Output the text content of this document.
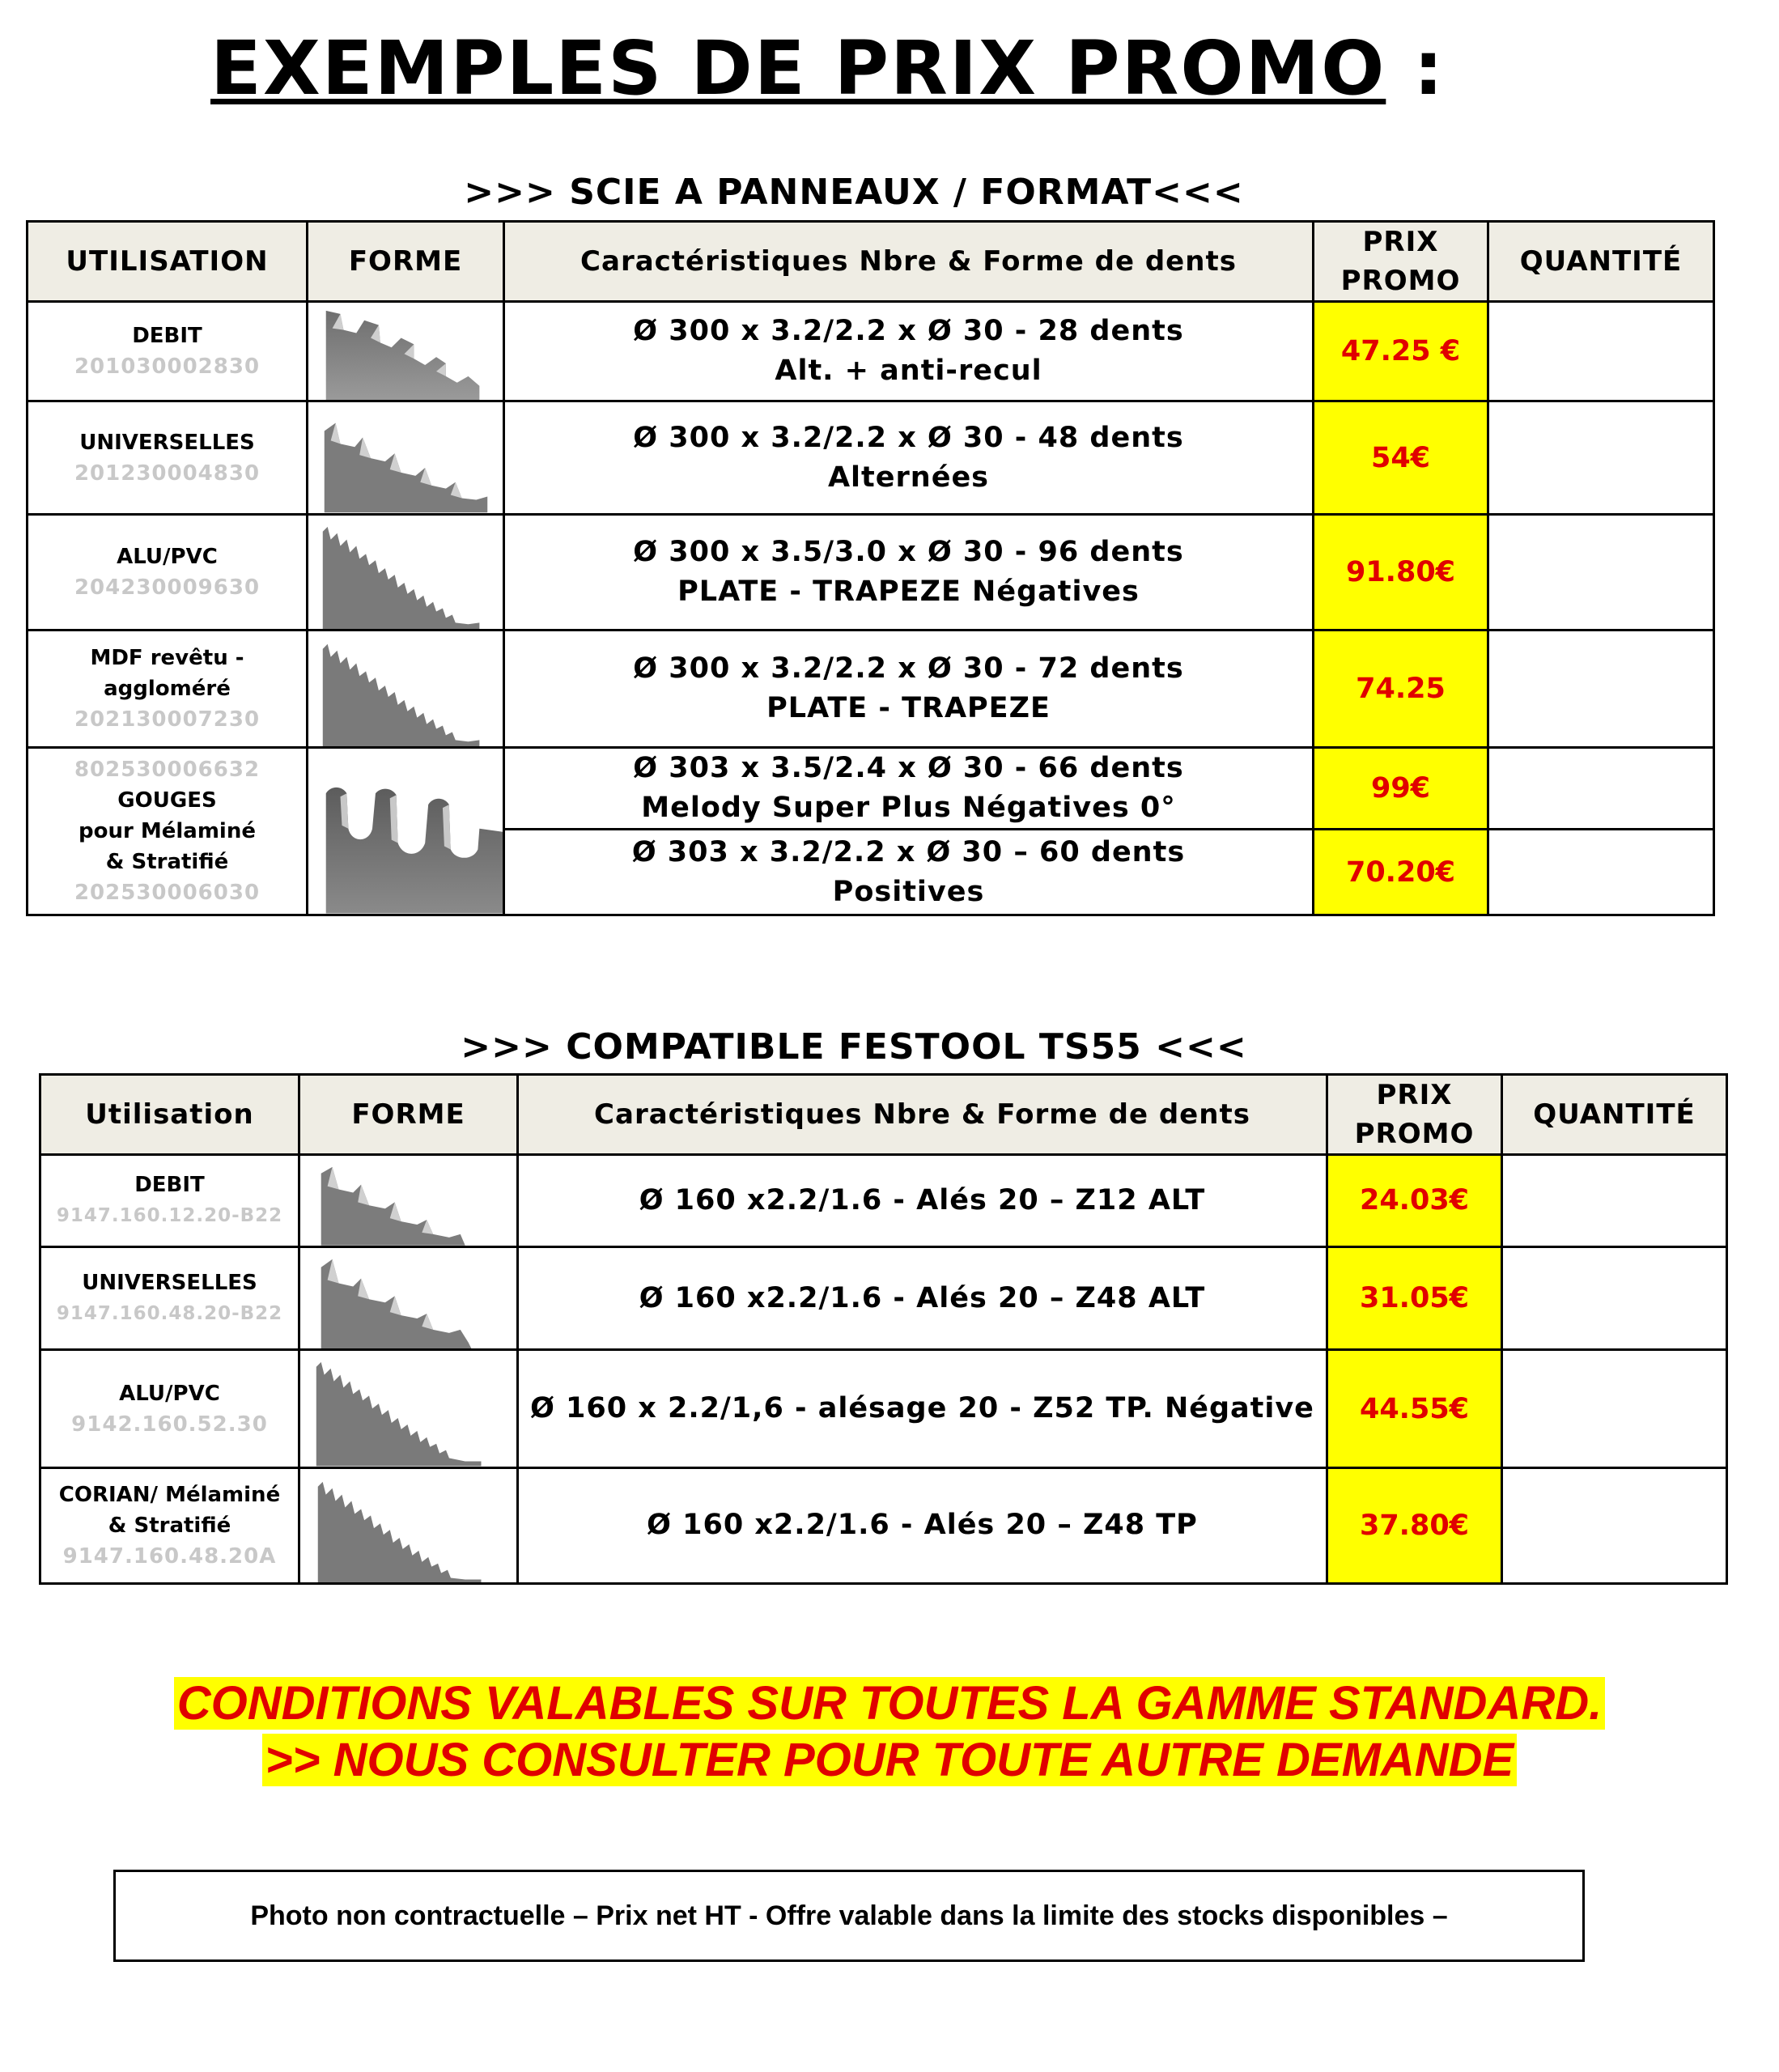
EXEMPLES DE PRIX PROMO :
>>> SCIE A PANNEAUX / FORMAT<<<
UTILISATION	FORME	Caractéristiques Nbre & Forme de dents	PRIX
PROMO	QUANTITÉ

DEBIT
201030002830		Ø 300 x 3.2/2.2 x Ø 30 - 28 dents
Alt. + anti-recul	47.25 €	

UNIVERSELLES
201230004830		Ø 300 x 3.2/2.2 x Ø 30 - 48 dents
Alternées	54€	

ALU/PVC
204230009630		Ø 300 x 3.5/3.0 x Ø 30 - 96 dents
PLATE - TRAPEZE Négatives	91.80€	

MDF revêtu -
aggloméré
202130007230		Ø 300 x 3.2/2.2 x Ø 30 - 72 dents
PLATE - TRAPEZE	74.25	

802530006632
GOUGES
pour Mélaminé
& Stratifié
202530006030		Ø 303 x 3.5/2.4 x Ø 30 - 66 dents
Melody Super Plus Négatives 0°	99€	

		Ø 303 x 3.2/2.2 x Ø 30 – 60 dents
Positives	70.20€	
>>> COMPATIBLE FESTOOL TS55 <<<
Utilisation	FORME	Caractéristiques Nbre & Forme de dents	PRIX
PROMO	QUANTITÉ

DEBIT
9147.160.12.20-B22		Ø 160 x2.2/1.6 - Alés 20 – Z12 ALT	24.03€	

UNIVERSELLES
9147.160.48.20-B22		Ø 160 x2.2/1.6 - Alés 20 – Z48 ALT	31.05€	

ALU/PVC
9142.160.52.30		Ø 160 x 2.2/1,6 - alésage 20 - Z52 TP. Négative	44.55€	

CORIAN/ Mélaminé
& Stratifié
9147.160.48.20A		Ø 160 x2.2/1.6 - Alés 20 – Z48 TP	37.80€	
CONDITIONS VALABLES SUR TOUTES LA GAMME STANDARD.
>> NOUS CONSULTER POUR TOUTE AUTRE DEMANDE
Photo non contractuelle – Prix net HT - Offre valable dans la limite des stocks disponibles –
